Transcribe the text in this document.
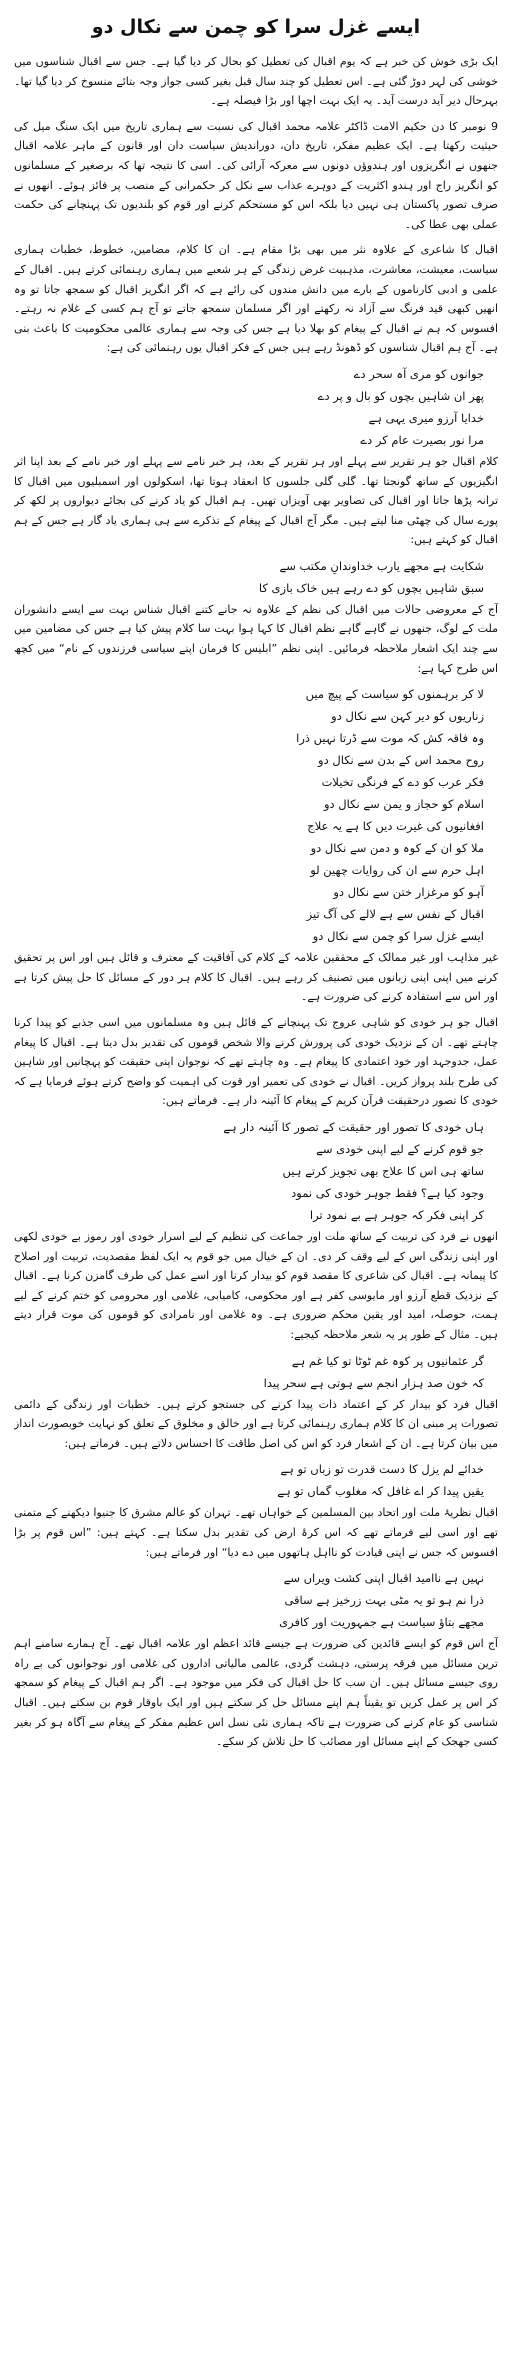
ایسے غزل سرا کو چمن سے نکال دو
ایک بڑی خوش کن خبر ہے کہ یوم اقبال کی تعطیل کو بحال کر دیا گیا ہے۔ جس سے اقبال شناسوں میں خوشی کی لہر دوڑ گئی ہے۔ اس تعطیل کو چند سال قبل بغیر کسی جواز وجہ بتائے منسوخ کر دیا گیا تھا۔ بہرحال دیر آید درست آید۔ یہ ایک بہت اچھا اور بڑا فیصلہ ہے۔
9 نومبر کا دن حکیم الامت ڈاکٹر علامہ محمد اقبال کی نسبت سے ہماری تاریخ میں ایک سنگ میل کی حیثیت رکھتا ہے۔ ایک عظیم مفکر، تاریخ دان، دوراندیش سیاست دان اور قانون کے ماہر علامہ اقبال جنھوں نے انگریزوں اور ہندوؤں دونوں سے معرکہ آرائی کی۔ اسی کا نتیجہ تھا کہ برصغیر کے مسلمانوں کو انگریز راج اور ہندو اکثریت کے دوہرے عذاب سے نکل کر حکمرانی کے منصب پر فائز ہوئے۔ انھوں نے صرف تصور پاکستان ہی نہیں دیا بلکہ اس کو مستحکم کرنے اور قوم کو بلندیوں تک پہنچانے کی حکمت عملی بھی عطا کی۔
اقبال کا شاعری کے علاوہ نثر میں بھی بڑا مقام ہے۔ ان کا کلام، مضامین، خطوط، خطبات ہماری سیاست، معیشت، معاشرت، مذہبیت غرض زندگی کے ہر شعبے میں ہماری رہنمائی کرتے ہیں۔ اقبال کے علمی و ادبی کارناموں کے بارے میں دانش مندوں کی رائے ہے کہ اگر انگریز اقبال کو سمجھ جاتا تو وہ انھیں کبھی قید فرنگ سے آزاد نہ رکھتے اور اگر مسلمان سمجھ جاتے تو آج ہم کسی کے غلام نہ رہتے۔ افسوس کہ ہم نے اقبال کے پیغام کو بھلا دیا ہے جس کی وجہ سے ہماری عالمی محکومیت کا باعث بنی ہے۔ آج ہم اقبال شناسوں کو ڈھونڈ رہے ہیں جس کے فکر اقبال یوں رہنمائی کی ہے:
جوانوں کو مری آہ سحر دے
پھر ان شاہیں بچوں کو بال و پر دے
خدایا آرزو میری یہی ہے
مرا نور بصیرت عام کر دے
کلام اقبال جو ہر تقریر سے پہلے اور ہر تقریر کے بعد، ہر خبر نامے سے پہلے اور خبر نامے کے بعد اپنا اثر انگیزیوں کے ساتھ گونجتا تھا۔ گلی گلی جلسوں کا انعقاد ہوتا تھا، اسکولوں اور اسمبلیوں میں اقبال کا ترانہ پڑھا جاتا اور اقبال کی تصاویر بھی آویزاں تھیں۔ ہم اقبال کو یاد کرنے کی بجائے دیواروں پر لکھ کر پورے سال کی چھٹی منا لیتے ہیں۔ مگر آج اقبال کے پیغام کے تذکرے سے ہی ہماری یاد گار ہے جس کے ہم اقبال کو کہتے ہیں:
شکایت ہے مجھے یارب خداوندانِ مکتب سے
سبق شاہیں بچوں کو دے رہے ہیں خاک بازی کا
آج کے معروضی حالات میں اقبال کی نظم کے علاوہ نہ جانے کتنے اقبال شناس بہت سے ایسے دانشوران ملت کے لوگ، جنھوں نے گاہے گاہے نظم اقبال کا کہا ہوا بہت سا کلام پیش کیا ہے جس کی مضامین میں سے چند ایک اشعار ملاحظہ فرمائیں۔ اپنی نظم ”ابلیس کا فرمان اپنے سیاسی فرزندوں کے نام“ میں کچھ اس طرح کہا ہے:
لا کر برہمنوں کو سیاست کے پیچ میں
زناریوں کو دیر کہن سے نکال دو
وہ فاقہ کش کہ موت سے ڈرتا نہیں ذرا
روح محمد اس کے بدن سے نکال دو
فکر عرب کو دے کے فرنگی تخیلات
اسلام کو حجاز و یمن سے نکال دو
افغانیوں کی غیرت دیں کا ہے یہ علاج
ملا کو ان کے کوہ و دمن سے نکال دو
اہل حرم سے ان کی روایات چھین لو
آہو کو مرغزار ختن سے نکال دو
اقبال کے نفس سے ہے لالے کی آگ تیز
ایسے غزل سرا کو چمن سے نکال دو
غیر مذاہب اور غیر ممالک کے محققین علامہ کے کلام کی آفاقیت کے معترف و قائل ہیں اور اس پر تحقیق کرنے میں اپنی اپنی زبانوں میں تصنیف کر رہے ہیں۔ اقبال کا کلام ہر دور کے مسائل کا حل پیش کرتا ہے اور اس سے استفادہ کرنے کی ضرورت ہے۔
اقبال جو ہر خودی کو شاہی عروج تک پہنچانے کے قائل ہیں وہ مسلمانوں میں اسی جذبے کو پیدا کرنا چاہتے تھے۔ ان کے نزدیک خودی کی پرورش کرنے والا شخص قوموں کی تقدیر بدل دیتا ہے۔ اقبال کا پیغام عمل، جدوجہد اور خود اعتمادی کا پیغام ہے۔ وہ چاہتے تھے کہ نوجوان اپنی حقیقت کو پہچانیں اور شاہین کی طرح بلند پرواز کریں۔ اقبال نے خودی کی تعمیر اور قوت کی اہمیت کو واضح کرتے ہوئے فرمایا ہے کہ خودی کا تصور درحقیقت قرآن کریم کے پیغام کا آئینہ دار ہے۔ فرماتے ہیں:
ہاں خودی کا تصور اور حقیقت کے تصور کا آئینہ دار ہے
جو قوم کرنے کے لیے اپنی خودی سے
ساتھ ہی اس کا علاج بھی تجویز کرتے ہیں
وجود کیا ہے؟ فقط جوہر خودی کی نمود
کر اپنی فکر کہ جوہر ہے بے نمود ترا
انھوں نے فرد کی تربیت کے ساتھ ملت اور جماعت کی تنظیم کے لیے اسرار خودی اور رموز بے خودی لکھی اور اپنی زندگی اس کے لیے وقف کر دی۔ ان کے خیال میں جو قوم یہ ایک لفظ مقصدیت، تربیت اور اصلاح کا پیمانہ ہے۔ اقبال کی شاعری کا مقصد قوم کو بیدار کرنا اور اسے عمل کی طرف گامزن کرنا ہے۔ اقبال کے نزدیک قطع آرزو اور مایوسی کفر ہے اور محکومی، کامیابی، غلامی اور محرومی کو ختم کرنے کے لیے ہمت، حوصلہ، امید اور یقین محکم ضروری ہے۔ وہ غلامی اور نامرادی کو قوموں کی موت قرار دیتے ہیں۔ مثال کے طور پر یہ شعر ملاحظہ کیجیے:
گر عثمانیوں پر کوہ غم ٹوٹا تو کیا غم ہے
کہ خون صد ہزار انجم سے ہوتی ہے سحر پیدا
اقبال فرد کو بیدار کر کے اعتماد ذات پیدا کرنے کی جستجو کرتے ہیں۔ خطبات اور زندگی کے دائمی تصورات پر مبنی ان کا کلام ہماری رہنمائی کرتا ہے اور خالق و مخلوق کے تعلق کو نہایت خوبصورت انداز میں بیان کرتا ہے۔ ان کے اشعار فرد کو اس کی اصل طاقت کا احساس دلاتے ہیں۔ فرماتے ہیں:
خدائے لم یزل کا دست قدرت تو زباں تو ہے
یقیں پیدا کر اے غافل کہ مغلوب گماں تو ہے
اقبال نظریۂ ملت اور اتحاد بین المسلمین کے خواہاں تھے۔ تہران کو عالم مشرق کا جنیوا دیکھنے کے متمنی تھے اور اسی لیے فرماتے تھے کہ اس کرۂ ارض کی تقدیر بدل سکتا ہے۔ کہتے ہیں: ”اس قوم پر بڑا افسوس کہ جس نے اپنی قیادت کو نااہل ہاتھوں میں دے دیا“ اور فرماتے ہیں:
نہیں ہے ناامید اقبال اپنی کشت ویراں سے
ذرا نم ہو تو یہ مٹی بہت زرخیز ہے ساقی
مجھے بتاؤ سیاست ہے جمہوریت اور کافری
آج اس قوم کو ایسے قائدین کی ضرورت ہے جیسے قائد اعظم اور علامہ اقبال تھے۔ آج ہمارے سامنے اہم ترین مسائل میں فرقہ پرستی، دہشت گردی، عالمی مالیاتی اداروں کی غلامی اور نوجوانوں کی بے راہ روی جیسے مسائل ہیں۔ ان سب کا حل اقبال کی فکر میں موجود ہے۔ اگر ہم اقبال کے پیغام کو سمجھ کر اس پر عمل کریں تو یقیناً ہم اپنے مسائل حل کر سکتے ہیں اور ایک باوقار قوم بن سکتے ہیں۔ اقبال شناسی کو عام کرنے کی ضرورت ہے تاکہ ہماری نئی نسل اس عظیم مفکر کے پیغام سے آگاہ ہو کر بغیر کسی جھجک کے اپنے مسائل اور مصائب کا حل تلاش کر سکے۔
